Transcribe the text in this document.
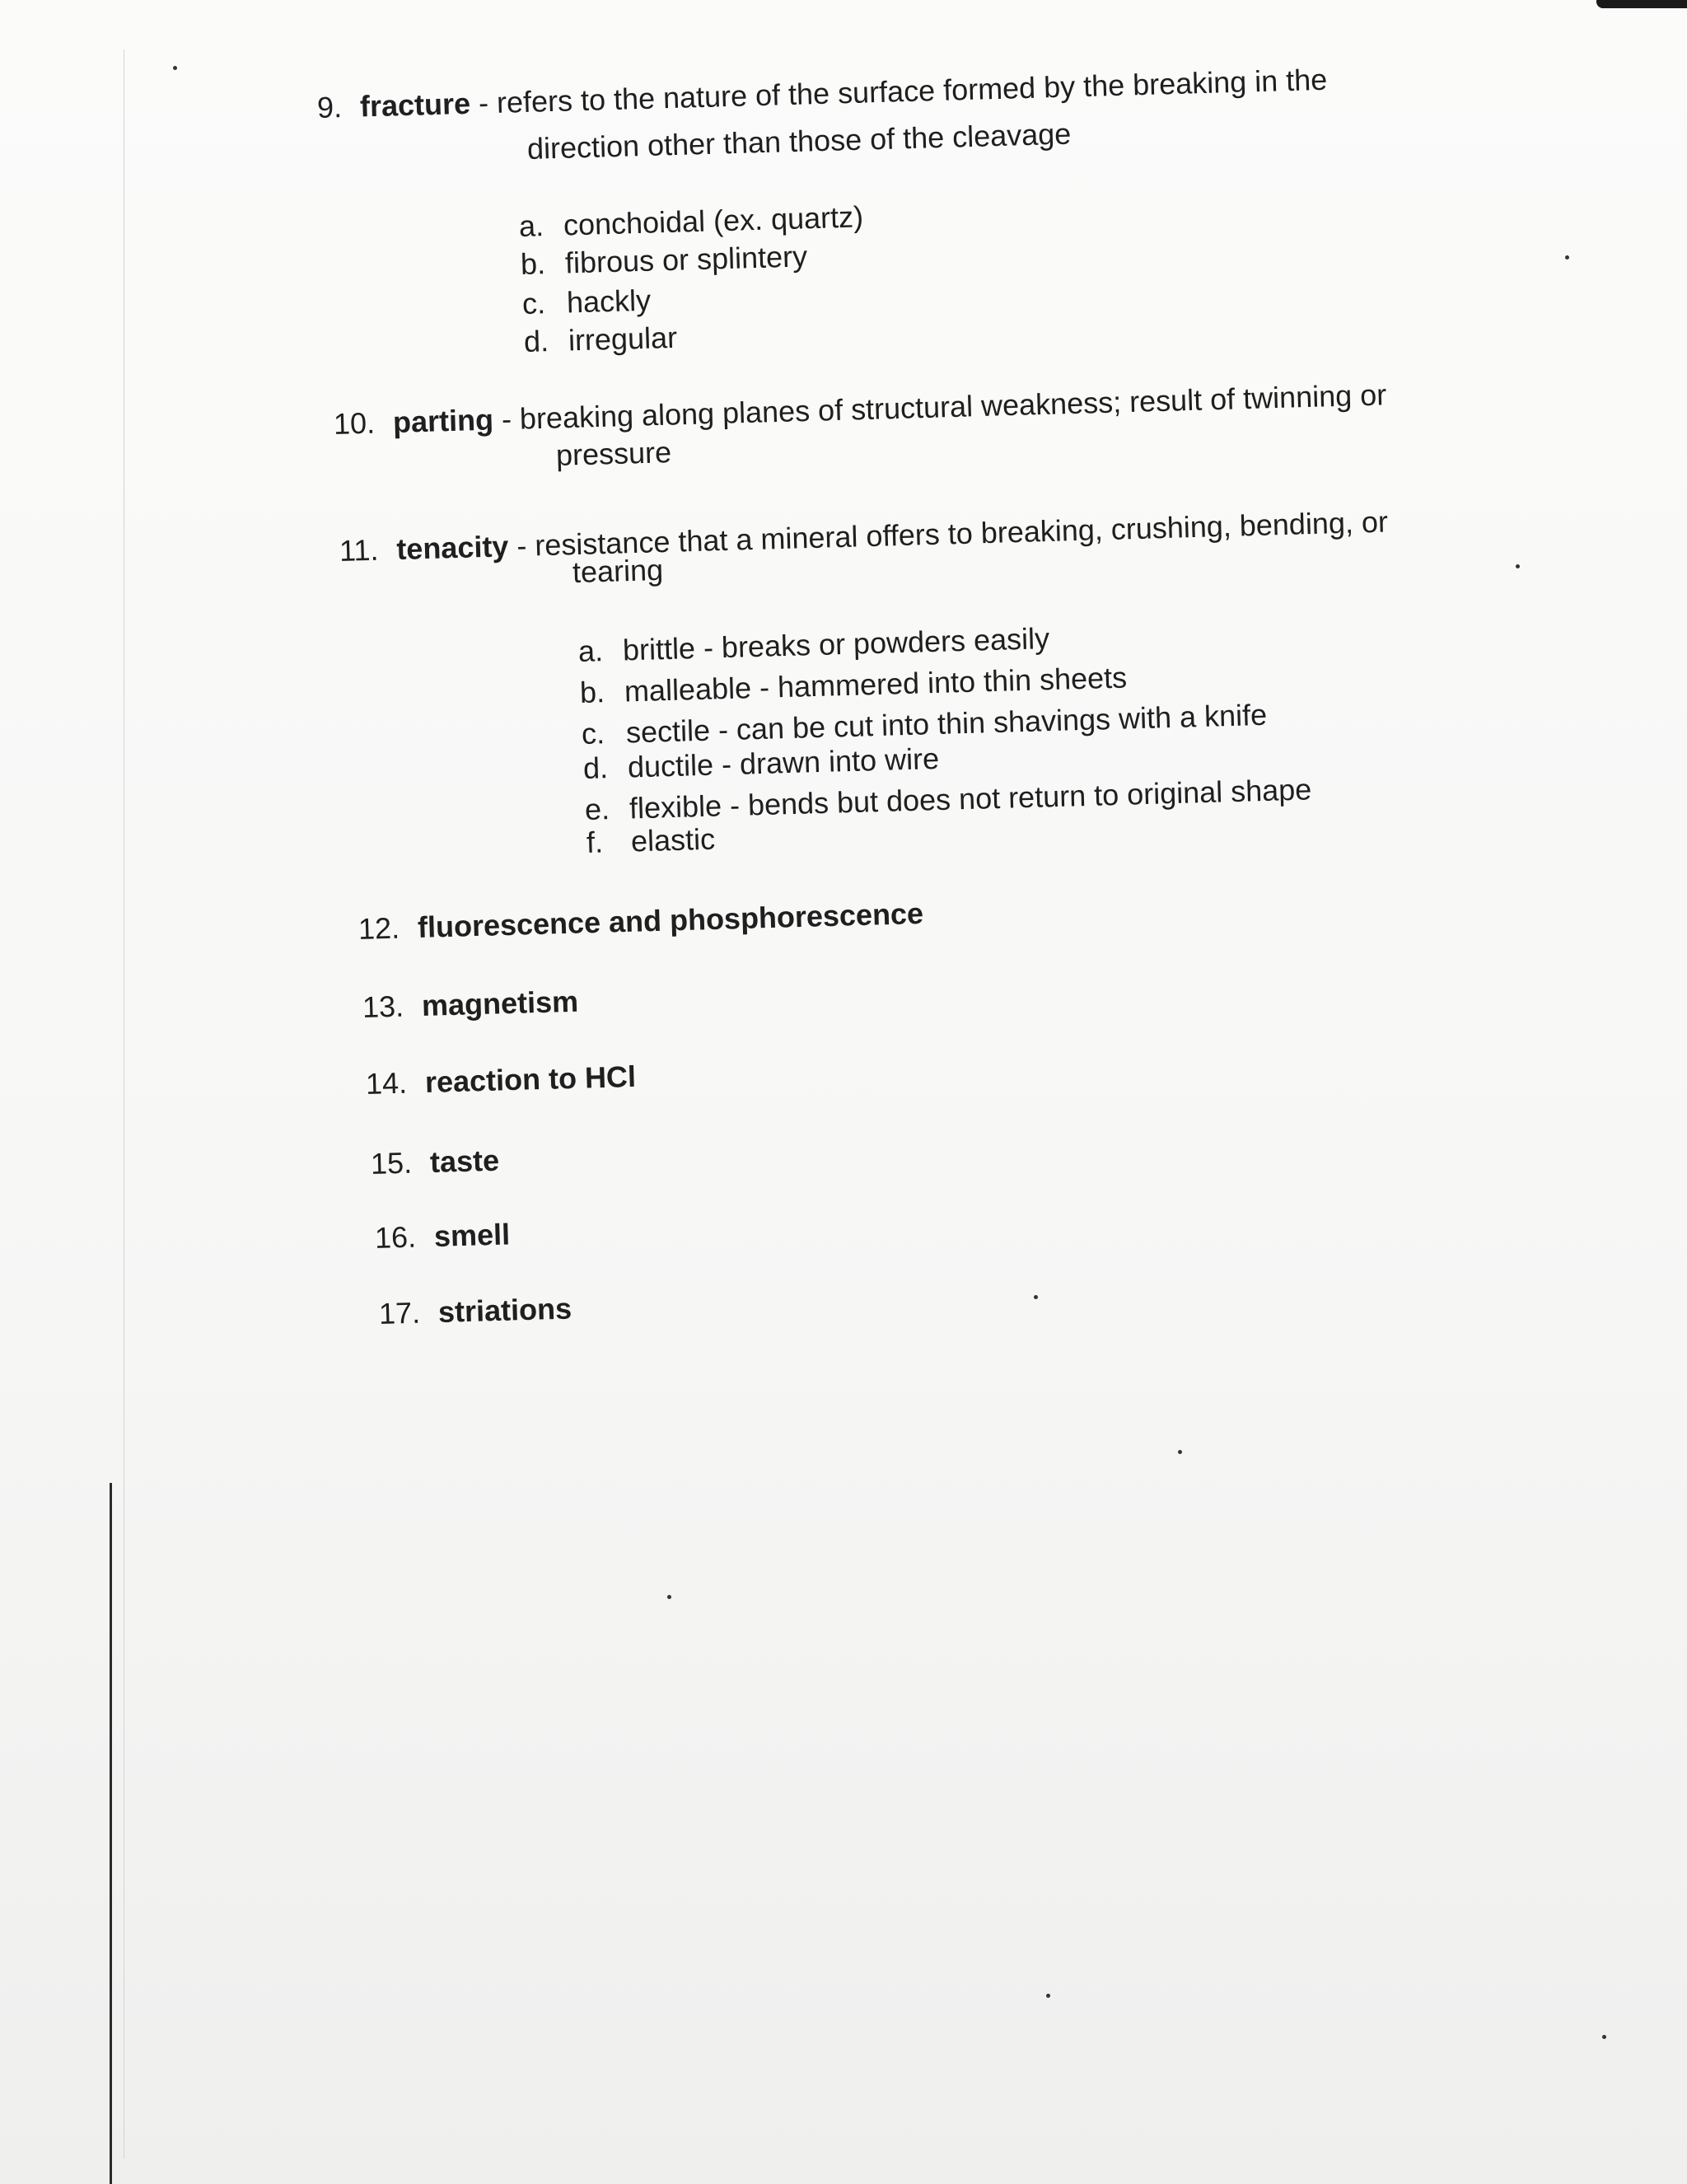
9. fracture - refers to the nature of the surface formed by the breaking in the
direction other than those of the cleavage
a. conchoidal (ex. quartz)
b. fibrous or splintery
c. hackly
d. irregular
10. parting - breaking along planes of structural weakness; result of twinning or
pressure
11. tenacity - resistance that a mineral offers to breaking, crushing, bending, or
tearing
a. brittle - breaks or powders easily
b. malleable - hammered into thin sheets
c. sectile - can be cut into thin shavings with a knife
d. ductile - drawn into wire
e. flexible - bends but does not return to original shape
f. elastic
12. fluorescence and phosphorescence
13. magnetism
14. reaction to HCl
15. taste
16. smell
17. striations
